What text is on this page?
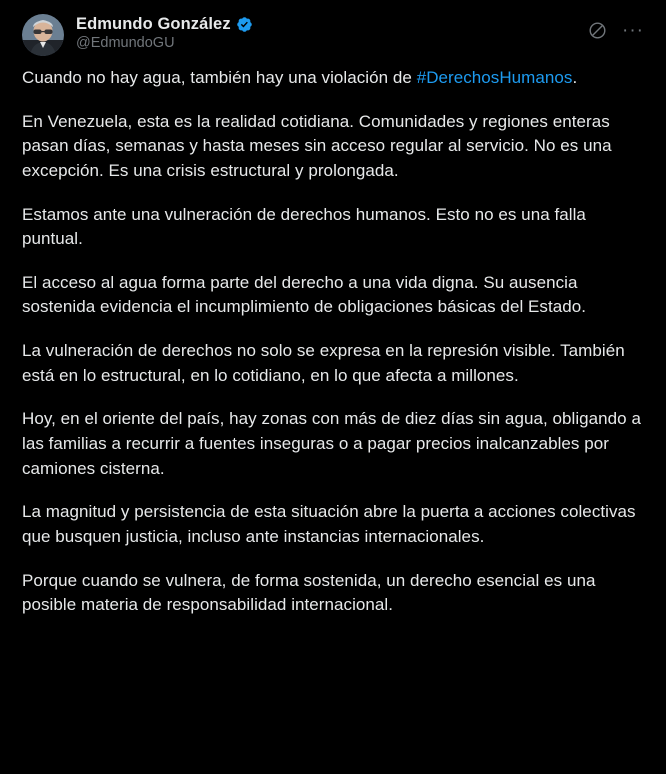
Edmundo González
@EdmundoGU
···

Cuando no hay agua, también hay una violación de #DerechosHumanos.

En Venezuela, esta es la realidad cotidiana. Comunidades y regiones enteras pasan días, semanas y hasta meses sin acceso regular al servicio. No es una excepción. Es una crisis estructural y prolongada.

Estamos ante una vulneración de derechos humanos. Esto no es una falla puntual.

El acceso al agua forma parte del derecho a una vida digna. Su ausencia sostenida evidencia el incumplimiento de obligaciones básicas del Estado.

La vulneración de derechos no solo se expresa en la represión visible. También está en lo estructural, en lo cotidiano, en lo que afecta a millones.

Hoy, en el oriente del país, hay zonas con más de diez días sin agua, obligando a las familias a recurrir a fuentes inseguras o a pagar precios inalcanzables por camiones cisterna.

La magnitud y persistencia de esta situación abre la puerta a acciones colectivas que busquen justicia, incluso ante instancias internacionales.

Porque cuando se vulnera, de forma sostenida, un derecho esencial es una posible materia de responsabilidad internacional.
